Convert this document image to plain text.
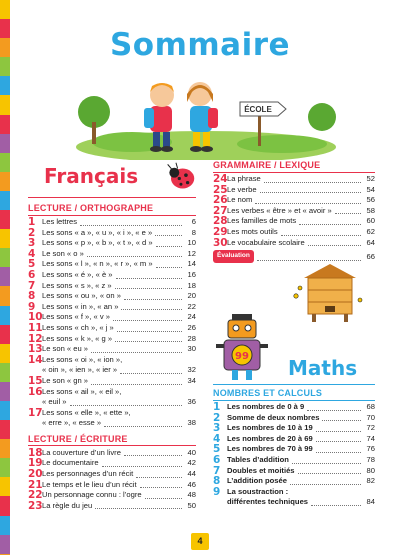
Sommaire
ÉCOLE
Français
LECTURE / ORTHOGRAPHE
1 Les lettres	6
2 Les sons « a », « u », « i », « e »	8
3 Les sons « p », « b », « t », « d »	10
4 Le son « o »	12
5 Les sons « l », « n », « r », « m »	14
6 Les sons « é », « è »	16
7 Les sons « s », « z »	18
8 Les sons « ou », « on »	20
9 Les sons « in », « an »	22
10 Les sons « f », « v »	24
11 Les sons « ch », « j »	26
12 Les sons « k », « g »	28
13 Le son « eu »	30
14 Les sons « oi », « ion »,
« oin », « ien », « ier »	32
15 Le son « gn »	34
16 Les sons « ail », « eil »,
« euil »	36
17 Les sons « elle », « ette »,
« erre », « esse »	38
LECTURE / ÉCRITURE
18 La couverture d’un livre	40
19 Le documentaire	42
20 Les personnages d’un récit	44
21 Le temps et le lieu d’un récit	46
22 Un personnage connu : l’ogre	48
23 La règle du jeu	50
GRAMMAIRE / LEXIQUE
24 La phrase	52
25 Le verbe	54
26 Le nom	56
27 Les verbes « être » et « avoir »	58
28 Les familles de mots	60
29 Les mots outils	62
30 Le vocabulaire scolaire	64
Évaluation	66
99 Maths
NOMBRES ET CALCULS
1 Les nombres de 0 à 9	68
2 Somme de deux nombres	70
3 Les nombres de 10 à 19	72
4 Les nombres de 20 à 69	74
5 Les nombres de 70 à 99	76
6 Tables d’addition	78
7 Doubles et moitiés	80
8 L’addition posée	82
9 La soustraction :
différentes techniques	84
4
